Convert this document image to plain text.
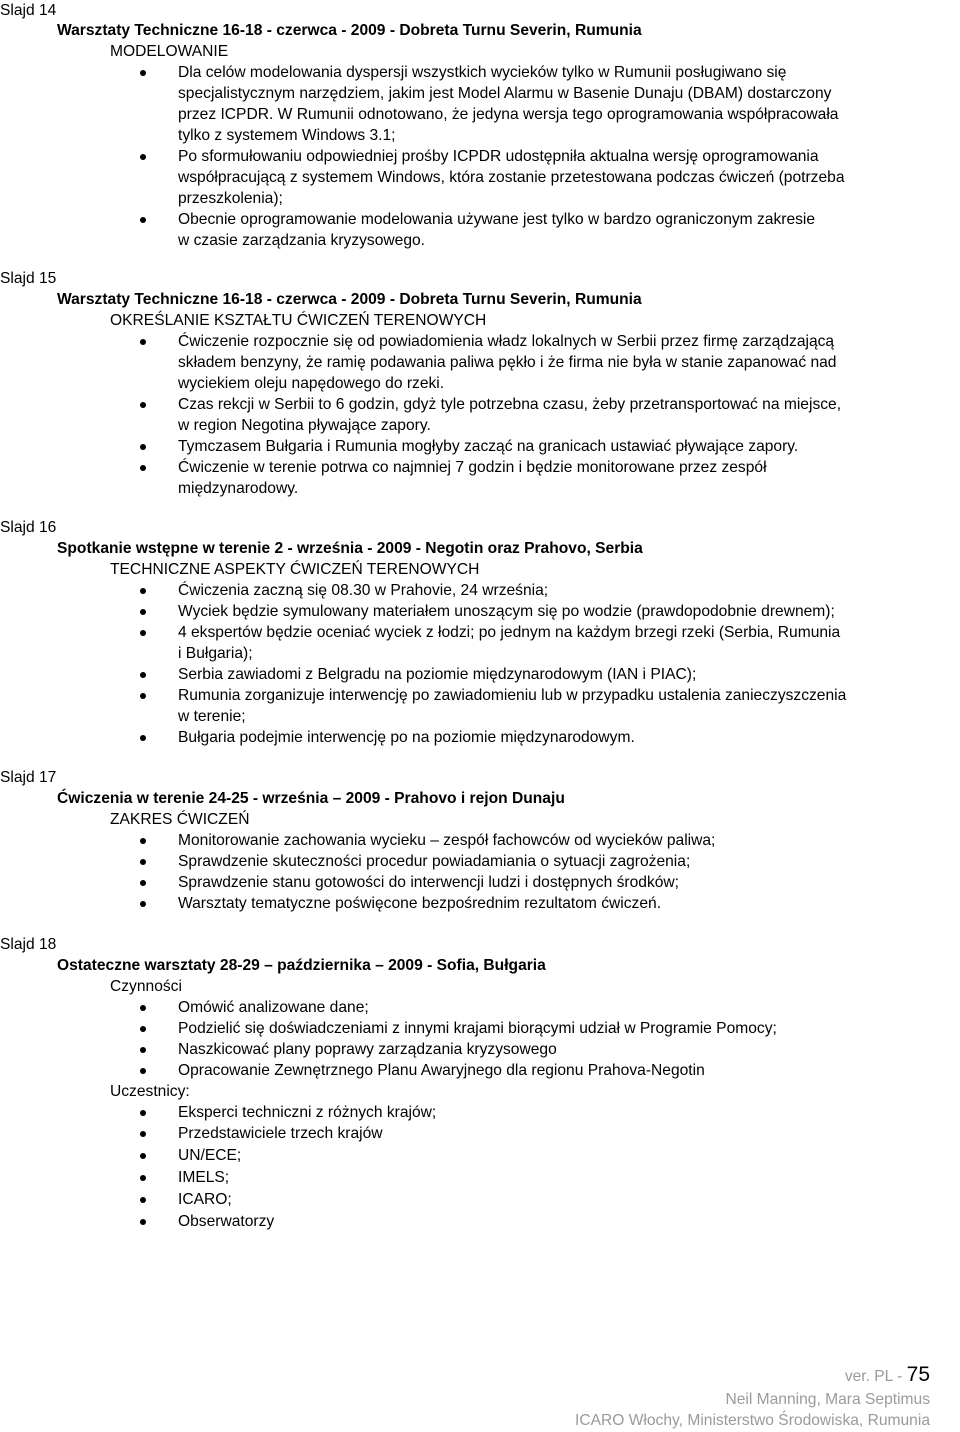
Slajd 14

Warsztaty Techniczne 16-18 - czerwca - 2009 - Dobreta Turnu Severin, Rumunia

MODELOWANIE

Dla celów modelowania dyspersji wszystkich wycieków tylko w Rumunii posługiwano się
specjalistycznym narzędziem, jakim jest Model Alarmu w Basenie Dunaju (DBAM) dostarczony
przez ICPDR. W Rumunii odnotowano, że jedyna wersja tego oprogramowania współpracowała
tylko z systemem Windows 3.1;
Po sformułowaniu odpowiedniej prośby ICPDR udostępniła aktualna wersję oprogramowania
współpracującą z systemem Windows, która zostanie przetestowana podczas ćwiczeń (potrzeba
przeszkolenia);
Obecnie oprogramowanie modelowania używane jest tylko w bardzo ograniczonym zakresie
w czasie zarządzania kryzysowego.

Slajd 15

Warsztaty Techniczne 16-18 - czerwca - 2009 - Dobreta Turnu Severin, Rumunia

OKREŚLANIE KSZTAŁTU ĆWICZEŃ TERENOWYCH

Ćwiczenie rozpocznie się od powiadomienia władz lokalnych w Serbii przez firmę zarządzającą
składem benzyny, że ramię podawania paliwa pękło i że firma nie była w stanie zapanować nad
wyciekiem oleju napędowego do rzeki.
Czas rekcji w Serbii to 6 godzin, gdyż tyle potrzebna czasu, żeby przetransportować na miejsce,
w region Negotina pływające zapory.
Tymczasem Bułgaria i Rumunia mogłyby zacząć na granicach ustawiać pływające zapory.
Ćwiczenie w terenie potrwa co najmniej 7 godzin i będzie monitorowane przez zespół
międzynarodowy.

Slajd 16

Spotkanie wstępne w terenie 2 - września - 2009 - Negotin oraz Prahovo, Serbia

TECHNICZNE ASPEKTY ĆWICZEŃ TERENOWYCH

Ćwiczenia zaczną się 08.30 w Prahovie, 24 września;
Wyciek będzie symulowany materiałem unoszącym się po wodzie (prawdopodobnie drewnem);
4 ekspertów będzie oceniać wyciek z łodzi; po jednym na każdym brzegi rzeki (Serbia, Rumunia
i Bułgaria);
Serbia zawiadomi z Belgradu na poziomie międzynarodowym (IAN i PIAC);
Rumunia zorganizuje interwencję po zawiadomieniu lub w przypadku ustalenia zanieczyszczenia
w terenie;
Bułgaria podejmie interwencję po na poziomie międzynarodowym.

Slajd 17

Ćwiczenia w terenie 24-25 - września – 2009 - Prahovo i rejon Dunaju

ZAKRES ĆWICZEŃ

Monitorowanie zachowania wycieku – zespół fachowców od wycieków paliwa;
Sprawdzenie skuteczności procedur powiadamiania o sytuacji zagrożenia;
Sprawdzenie stanu gotowości do interwencji ludzi i dostępnych środków;
Warsztaty tematyczne poświęcone bezpośrednim rezultatom ćwiczeń.

Slajd 18

Ostateczne warsztaty 28-29 – października – 2009 - Sofia, Bułgaria

Czynności

Omówić analizowane dane;
Podzielić się doświadczeniami z innymi krajami biorącymi udział w Programie Pomocy;
Naszkicować plany poprawy zarządzania kryzysowego
Opracowanie Zewnętrznego Planu Awaryjnego dla regionu Prahova-Negotin

Uczestnicy:

Eksperci techniczni z różnych krajów;
Przedstawiciele trzech krajów
UN/ECE;
IMELS;
ICARO;
Obserwatorzy
ver. PL - 75
Neil Manning, Mara Septimus
ICARO Włochy, Ministerstwo Środowiska, Rumunia
